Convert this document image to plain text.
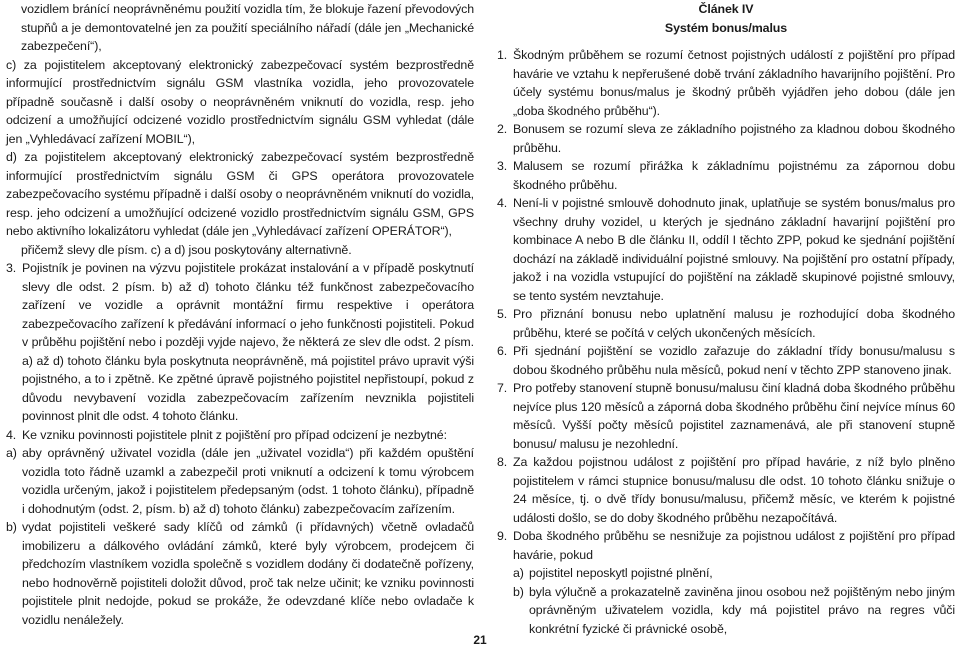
vozidlem bránící neoprávněnému použití vozidla tím, že blokuje řazení převodových stupňů a je demontovatelné jen za použití speciálního nářadí (dále jen „Mechanické zabezpečení“),

c) za pojistitelem akceptovaný elektronický zabezpečovací systém bezprostředně informující prostřednictvím signálu GSM vlastníka vozidla, jeho provozovatele případně současně i další osoby o neoprávněném vniknutí do vozidla, resp. jeho odcizení a umožňující odcizené vozidlo prostřednictvím signálu GSM vyhledat (dále jen „Vyhledávací zařízení MOBIL“),

d) za pojistitelem akceptovaný elektronický zabezpečovací systém bezprostředně informující prostřednictvím signálu GSM či GPS operátora provozovatele zabezpečovacího systému případně i další osoby o neoprávněném vniknutí do vozidla, resp. jeho odcizení a umožňující odcizené vozidlo prostřednictvím signálu GSM, GPS nebo aktivního lokalizátoru vyhledat (dále jen „Vyhledávací zařízení OPERÁTOR“),

přičemž slevy dle písm. c) a d) jsou poskytovány alternativně.

3. Pojistník je povinen na výzvu pojistitele prokázat instalování a v případě poskytnutí slevy dle odst. 2 písm. b) až d) tohoto článku též funkčnost zabezpečovacího zařízení ve vozidle a oprávnit montážní firmu respektive i operátora zabezpečovacího zařízení k předávání informací o jeho funkčnosti pojistiteli. Pokud v průběhu pojištění nebo i později vyjde najevo, že některá ze slev dle odst. 2 písm. a) až d) tohoto článku byla poskytnuta neoprávněně, má pojistitel právo upravit výši pojistného, a to i zpětně. Ke zpětné úpravě pojistného pojistitel nepřistoupí, pokud z důvodu nevybavení vozidla zabezpečovacím zařízením nevznikla pojistiteli povinnost plnit dle odst. 4 tohoto článku.
4. Ke vzniku povinnosti pojistitele plnit z pojištění pro případ odcizení je nezbytné:
a) aby oprávněný uživatel vozidla (dále jen „uživatel vozidla“) při každém opuštění vozidla toto řádně uzamkl a zabezpečil proti vniknutí a odcizení k tomu výrobcem vozidla určeným, jakož i pojistitelem předepsaným (odst. 1 tohoto článku), případně i dohodnutým (odst. 2, písm. b) až d) tohoto článku) zabezpečovacím zařízením.
b) vydat pojistiteli veškeré sady klíčů od zámků (i přídavných) včetně ovladačů imobilizeru a dálkového ovládání zámků, které byly výrobcem, prodejcem či předchozím vlastníkem vozidla společně s vozidlem dodány či dodatečně pořízeny, nebo hodnověrně pojistiteli doložit důvod, proč tak nelze učinit; ke vzniku povinnosti pojistitele plnit nedojde, pokud se prokáže, že odevzdané klíče nebo ovladače k vozidlu nenáležely.

Článek IV

Systém bonus/malus

1. Škodným průběhem se rozumí četnost pojistných událostí z pojištění pro případ havárie ve vztahu k nepřerušené době trvání základního havarijního pojištění. Pro účely systému bonus/malus je škodný průběh vyjádřen jeho dobou (dále jen „doba škodného průběhu“).
2. Bonusem se rozumí sleva ze základního pojistného za kladnou dobou škodného průběhu.
3. Malusem se rozumí přirážka k základnímu pojistnému za zápornou dobu škodného průběhu.
4. Není-li v pojistné smlouvě dohodnuto jinak, uplatňuje se systém bonus/malus pro všechny druhy vozidel, u kterých je sjednáno základní havarijní pojištění pro kombinace A nebo B dle článku II, oddíl I těchto ZPP, pokud ke sjednání pojištění dochází na základě individuální pojistné smlouvy. Na pojištění pro ostatní případy, jakož i na vozidla vstupující do pojištění na základě skupinové pojistné smlouvy, se tento systém nevztahuje.
5. Pro přiznání bonusu nebo uplatnění malusu je rozhodující doba škodného průběhu, které se počítá v celých ukončených měsících.
6. Při sjednání pojištění se vozidlo zařazuje do základní třídy bonusu/malusu s dobou škodného průběhu nula měsíců, pokud není v těchto ZPP stanoveno jinak.
7. Pro potřeby stanovení stupně bonusu/malusu činí kladná doba škodného průběhu nejvíce plus 120 měsíců a záporná doba škodného průběhu činí nejvíce mínus 60 měsíců. Vyšší počty měsíců pojistitel zaznamenává, ale při stanovení stupně bonusu/ malusu je nezohlední.
8. Za každou pojistnou událost z pojištění pro případ havárie, z níž bylo plněno pojistitelem v rámci stupnice bonusu/malusu dle odst. 10 tohoto článku snižuje o 24 měsíce, tj. o dvě třídy bonusu/malusu, přičemž měsíc, ve kterém k pojistné události došlo, se do doby škodného průběhu nezapočítává.
9. Doba škodného průběhu se nesnižuje za pojistnou událost z pojištění pro případ havárie, pokud
a) pojistitel neposkytl pojistné plnění,
b) byla výlučně a prokazatelně zaviněna jinou osobou než pojištěným nebo jiným oprávněným uživatelem vozidla, kdy má pojistitel právo na regres vůči konkrétní fyzické či právnické osobě,
21
